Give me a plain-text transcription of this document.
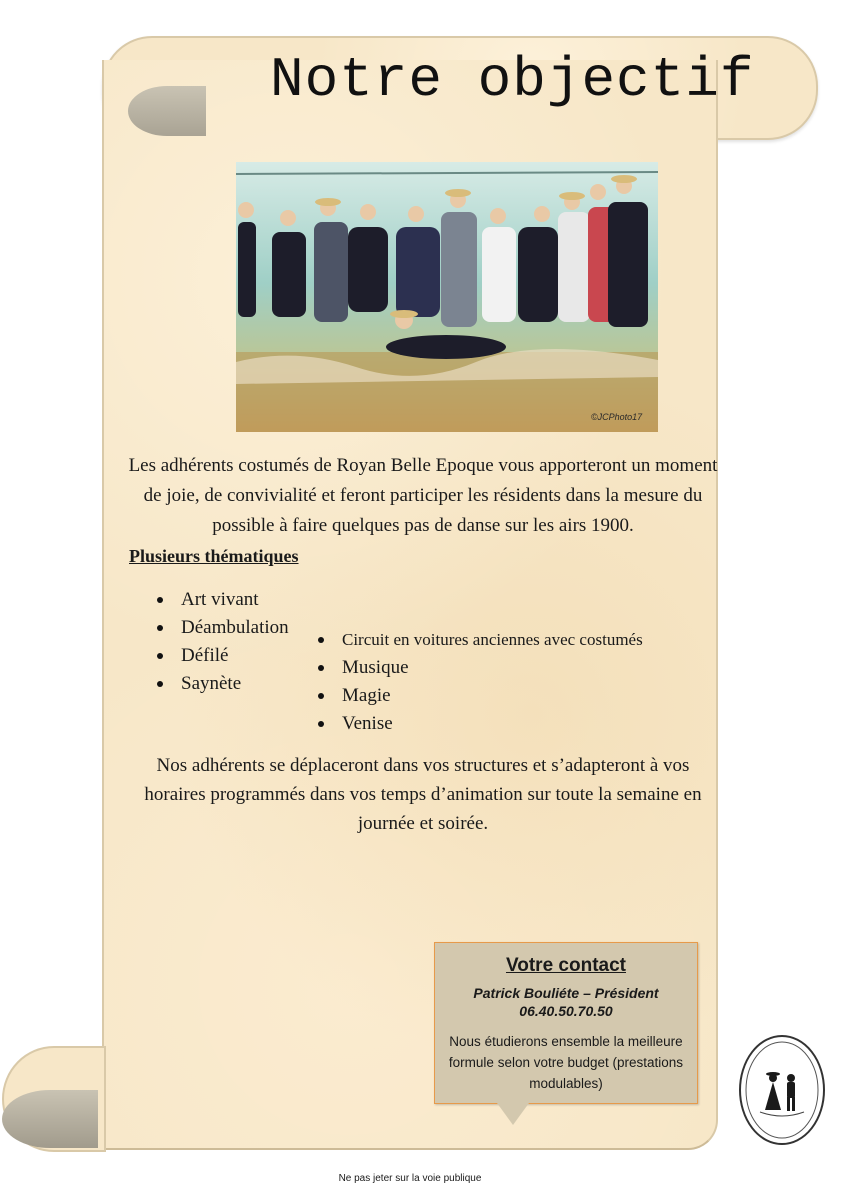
Notre objectif
©JCPhoto17

Les adhérents costumés de Royan Belle Epoque vous apporteront un moment de joie, de convivialité et feront participer les résidents dans la mesure du possible à faire quelques pas de danse sur les airs 1900.

Plusieurs thématiques
Art vivant
Déambulation
Défilé
Saynète
Circuit en voitures anciennes avec costumés
Musique
Magie
Venise

Nos adhérents se déplaceront dans vos structures et s’adapteront à vos horaires programmés dans vos temps d’animation sur toute la semaine en journée et soirée.

Votre contact

Patrick Bouliéte – Président

06.40.50.70.50

Nous étudierons ensemble la meilleure formule selon votre budget (prestations modulables)

Ne pas jeter sur la voie publique
